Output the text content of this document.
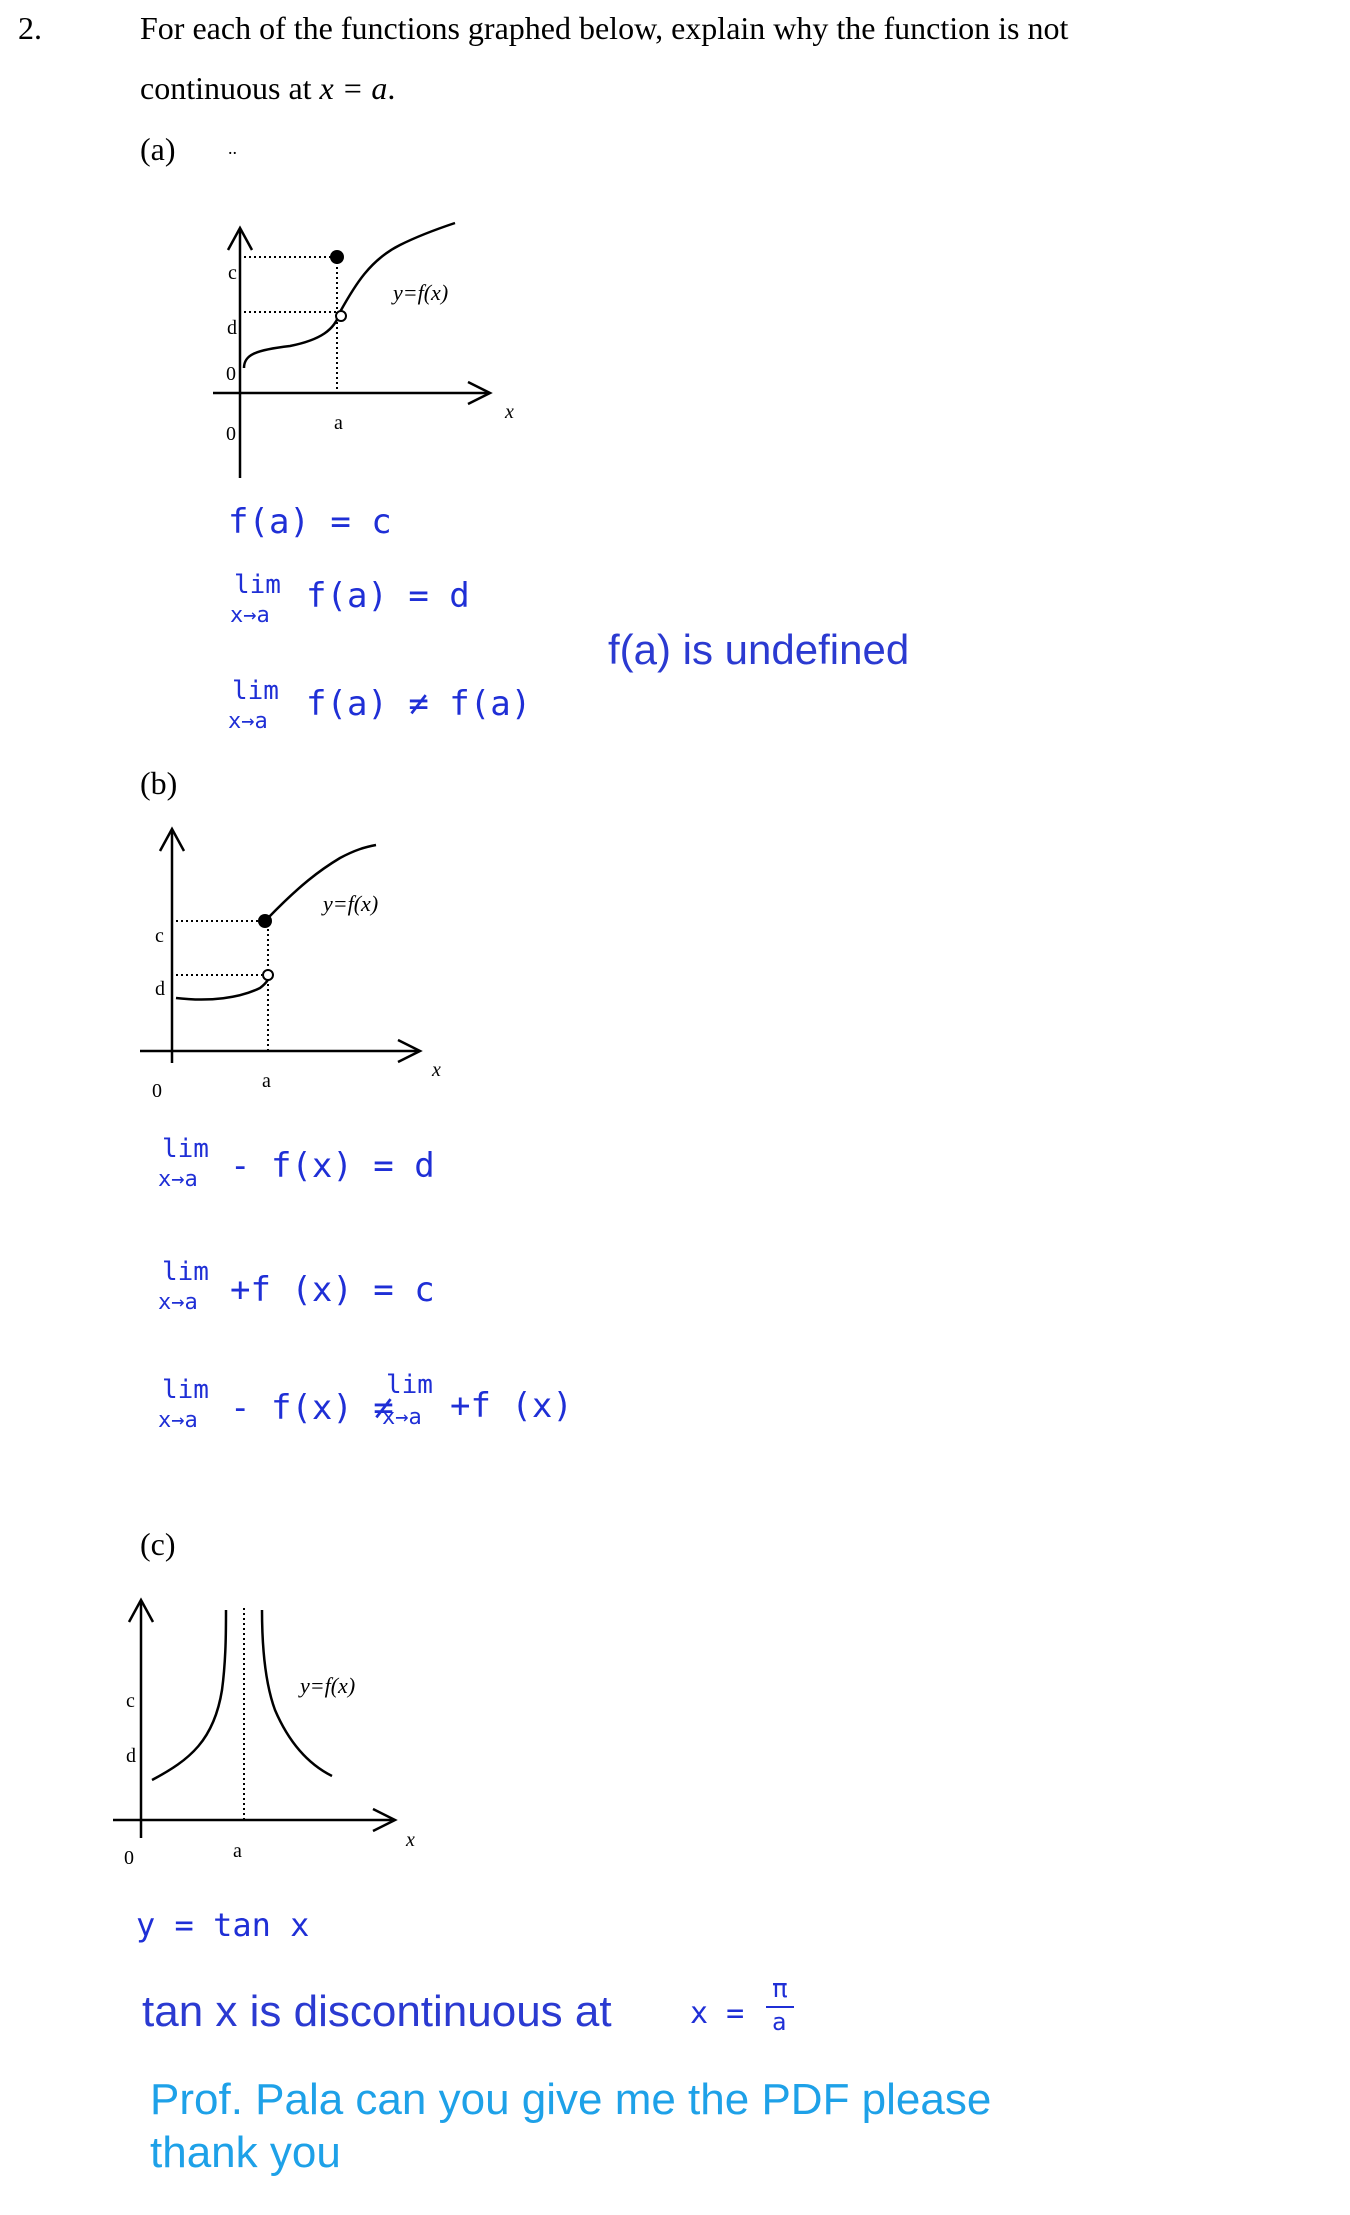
2.	For each of the functions graphed below, explain why the function is not
continuous at x = a.
(a)	..
c
d
0
0	a	x
y=f(x)
f(a) = c
lim
x→a f(a) = d
f(a) is undefined
lim
x→a f(a) ≠ f(a)
(b)
c
d
0	a	x
y=f(x)
lim
x→a - f(x) = d
lim
x→a +f (x) = c
lim
x→a - f(x) ≠
lim
x→a +f (x)
(c)
c
d
0	a	x
y=f(x)
y = tan x
tan x is discontinuous at	x =
π
a
Prof. Pala can you give me the PDF please
thank you
